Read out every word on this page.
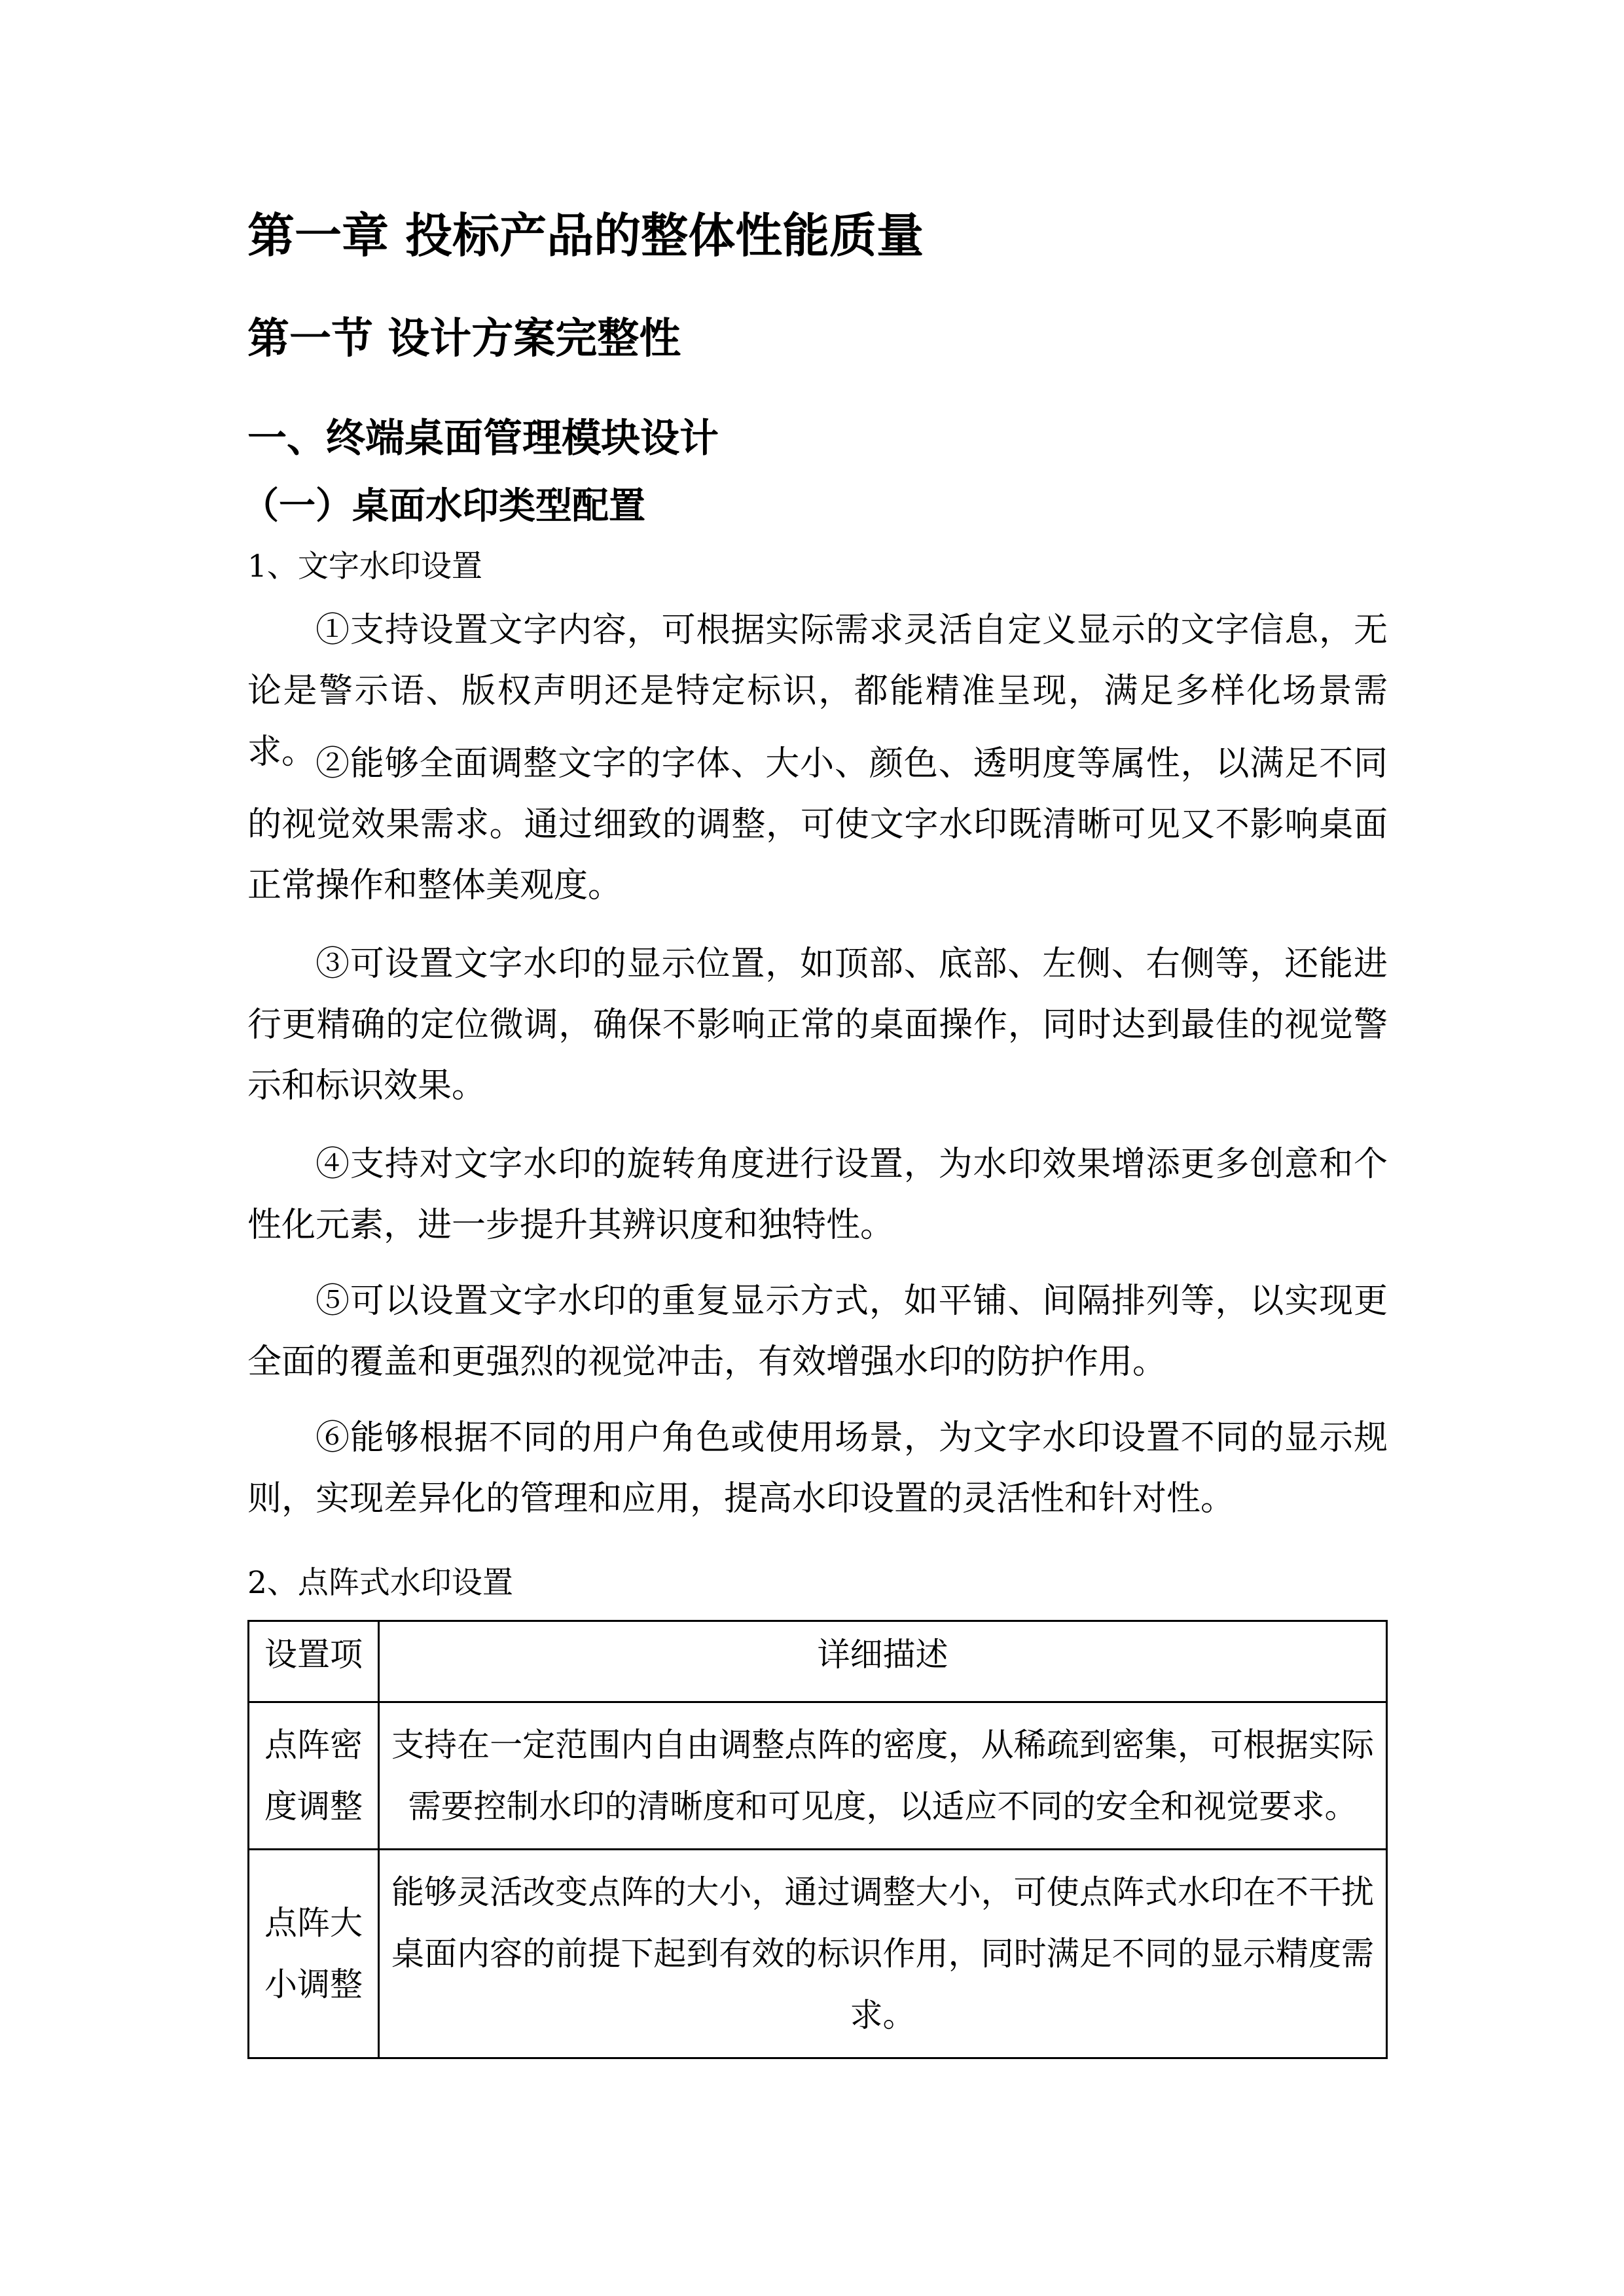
第一章 投标产品的整体性能质量
第一节 设计方案完整性
一、终端桌面管理模块设计
（一）桌面水印类型配置
1、文字水印设置

①支持设置文字内容，可根据实际需求灵活自定义显示的文字信息，无论是警示语、版权声明还是特定标识，都能精准呈现，满足多样化场景需求。 ②能够全面调整文字的字体、大小、颜色、透明度等属性，以满足不同的视觉效果需求。通过细致的调整，可使文字水印既清晰可见又不影响桌面正常操作和整体美观度。

③可设置文字水印的显示位置，如顶部、底部、左侧、右侧等，还能进行更精确的定位微调，确保不影响正常的桌面操作，同时达到最佳的视觉警示和标识效果。

④支持对文字水印的旋转角度进行设置，为水印效果增添更多创意和个性化元素，进一步提升其辨识度和独特性。

⑤可以设置文字水印的重复显示方式，如平铺、间隔排列等，以实现更全面的覆盖和更强烈的视觉冲击，有效增强水印的防护作用。

⑥能够根据不同的用户角色或使用场景，为文字水印设置不同的显示规则，实现差异化的管理和应用，提高水印设置的灵活性和针对性。

2、点阵式水印设置
设置项	详细描述
点阵密度调整	支持在一定范围内自由调整点阵的密度，从稀疏到密集，可根据实际需要控制水印的清晰度和可见度，以适应不同的安全和视觉要求。
点阵大小调整	能够灵活改变点阵的大小，通过调整大小，可使点阵式水印在不干扰桌面内容的前提下起到有效的标识作用，同时满足不同的显示精度需求。
